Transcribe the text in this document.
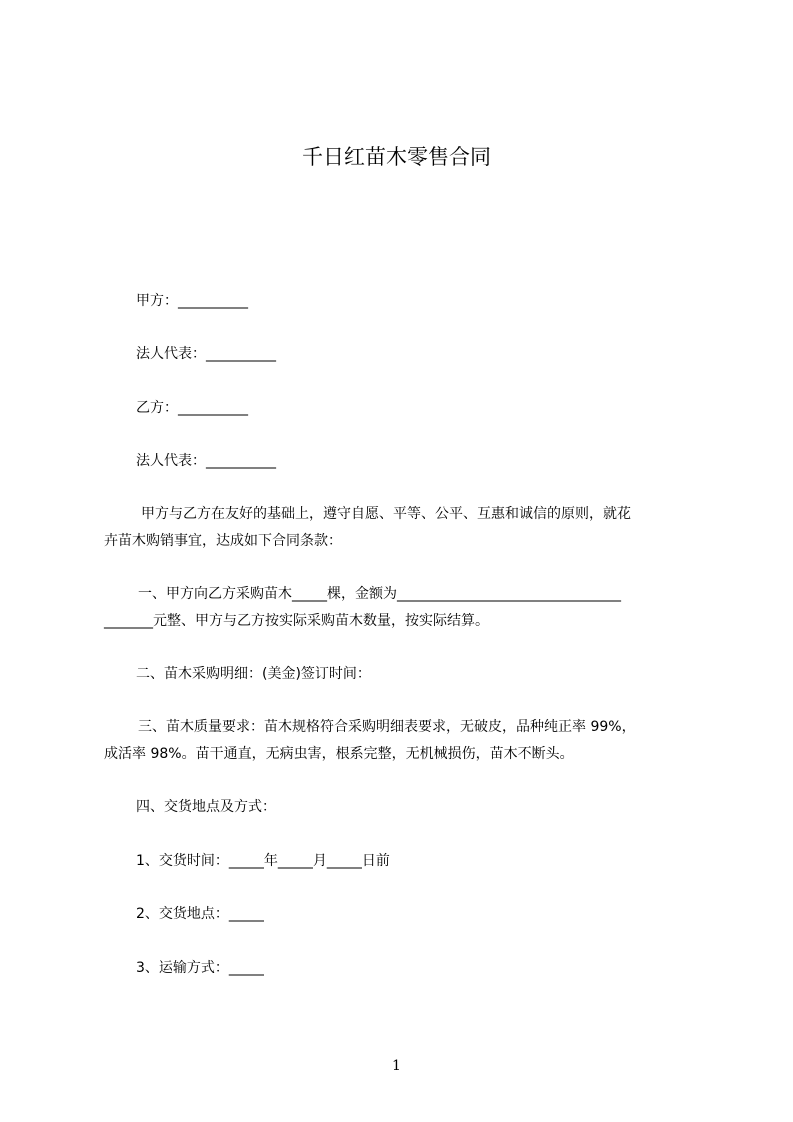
千日红苗木零售合同
甲方：__________
法人代表：__________
乙方：__________
法人代表：__________
甲方与乙方在友好的基础上，遵守自愿、平等、公平、互惠和诚信的原则，就花
卉苗木购销事宜，达成如下合同条款：
一、甲方向乙方采购苗木_____棵，金额为________________________________
_______元整、甲方与乙方按实际采购苗木数量，按实际结算。
二、苗木采购明细：(美金)签订时间：
三、苗木质量要求：苗木规格符合采购明细表要求，无破皮，品种纯正率 99%，
成活率 98%。苗干通直，无病虫害，根系完整，无机械损伤，苗木不断头。
四、交货地点及方式：
1、交货时间：_____年_____月_____日前
2、交货地点：_____
3、运输方式：_____
1
